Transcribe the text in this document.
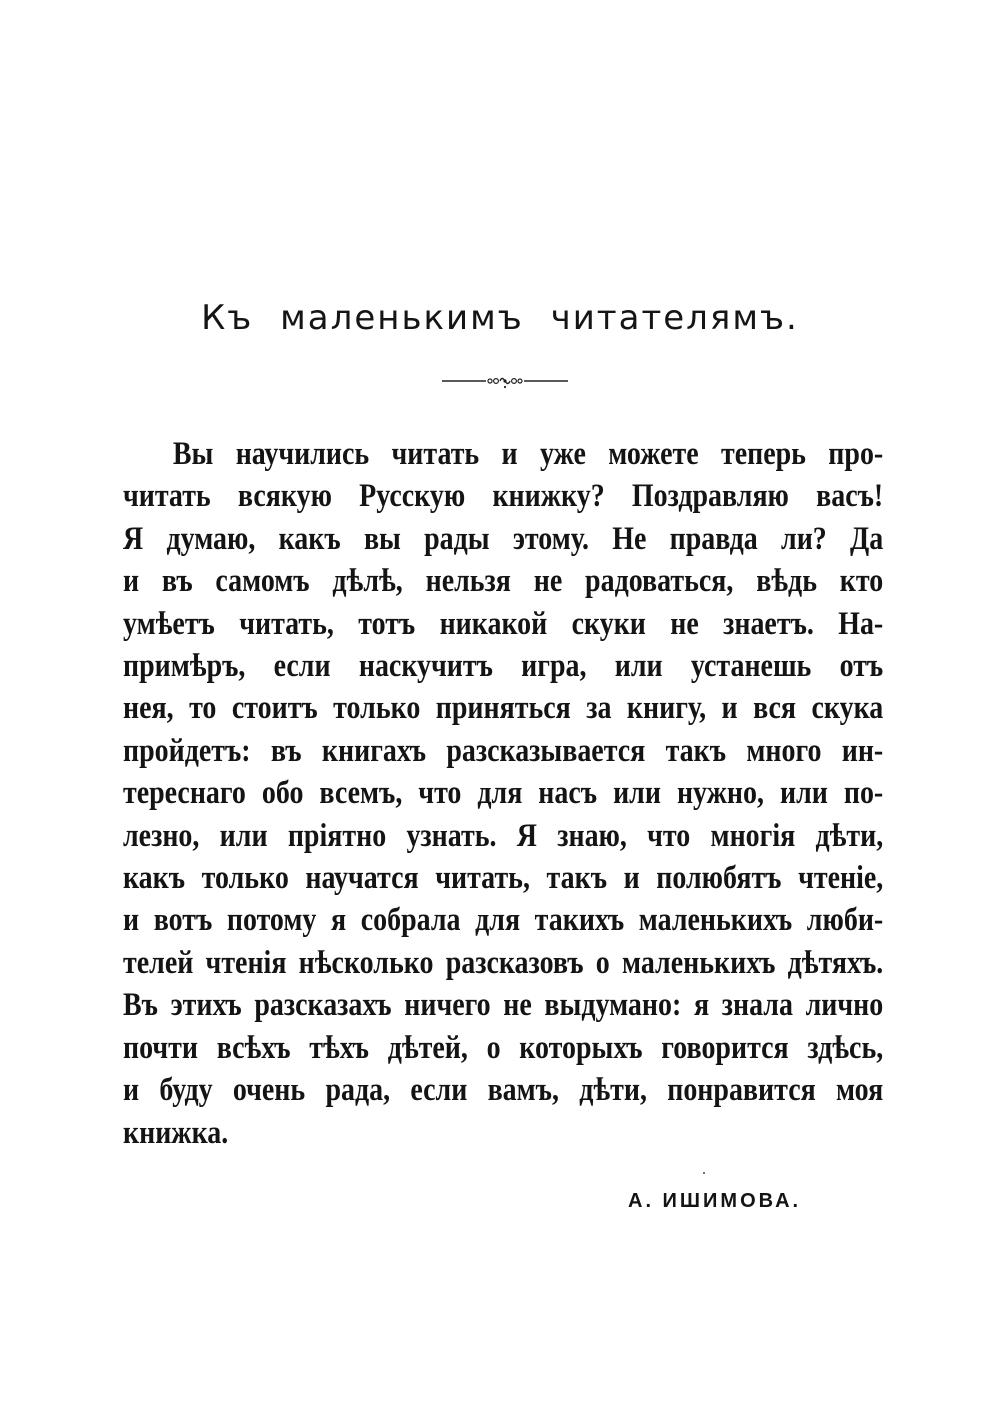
Къ маленькимъ читателямъ.
Вы научились читать и уже можете теперь про-
читать всякую Русскую книжку? Поздравляю васъ!
Я думаю, какъ вы рады этому. Не правда ли? Да
и въ самомъ дѣлѣ, нельзя не радоваться, вѣдь кто
умѣетъ читать, тотъ никакой скуки не знаетъ. На-
примѣръ, если наскучитъ игра, или устанешь отъ
нея, то стоитъ только приняться за книгу, и вся скука
пройдетъ: въ книгахъ разсказывается такъ много ин-
тереснаго обо всемъ, что для насъ или нужно, или по-
лезно, или пріятно узнать. Я знаю, что многія дѣти,
какъ только научатся читать, такъ и полюбятъ чтеніе,
и вотъ потому я собрала для такихъ маленькихъ люби-
телей чтенія нѣсколько разсказовъ о маленькихъ дѣтяхъ.
Въ этихъ разсказахъ ничего не выдумано: я знала лично
почти всѣхъ тѣхъ дѣтей, о которыхъ говорится здѣсь,
и буду очень рада, если вамъ, дѣти, понравится моя
книжка.
А. ИШИМОВА.
